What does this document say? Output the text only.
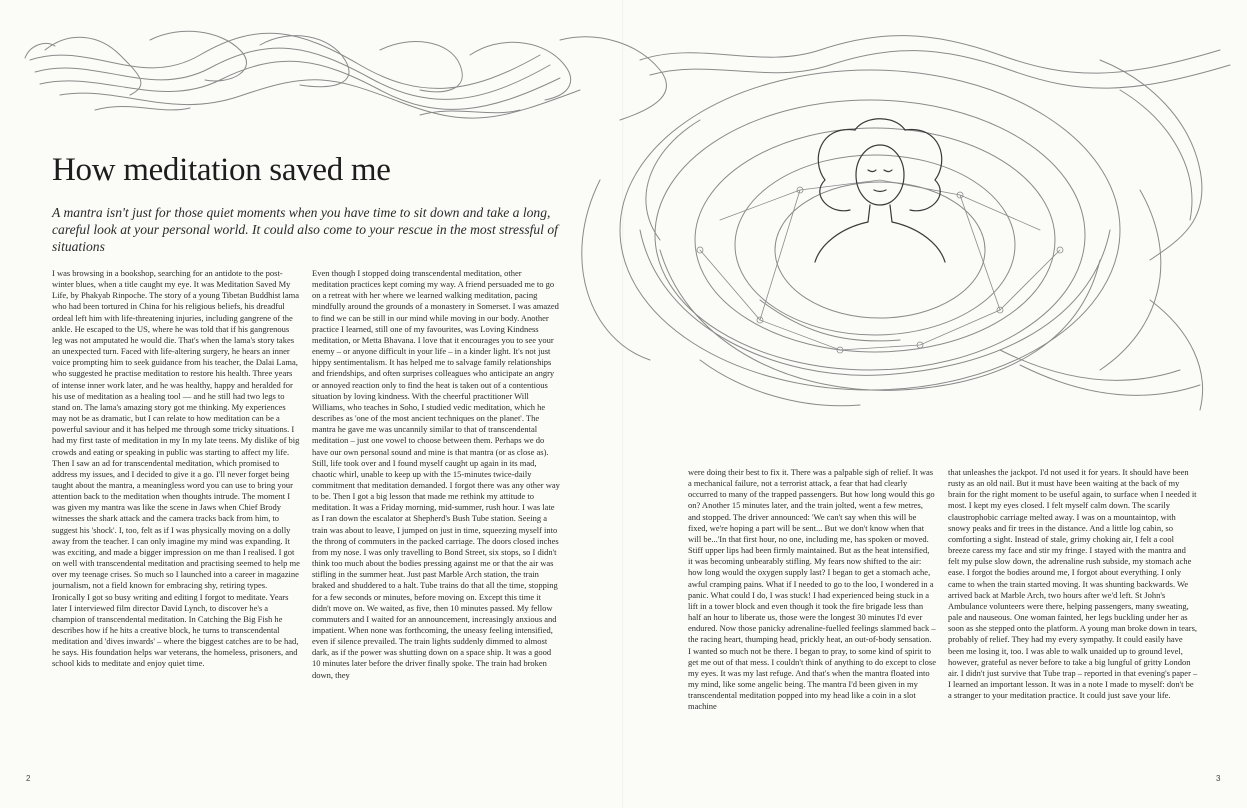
How meditation saved me

A mantra isn't just for those quiet moments when you have time to sit down and take a long, careful look at your personal world. It could also come to your rescue in the most stressful of situations

I was browsing in a bookshop, searching for an antidote to the post-winter blues, when a title caught my eye. It was Meditation Saved My Life, by Phakyab Rinpoche. The story of a young Tibetan Buddhist lama who had been tortured in China for his religious beliefs, his dreadful ordeal left him with life-threatening injuries, including gangrene of the ankle. He escaped to the US, where he was told that if his gangrenous leg was not amputated he would die. That's when the lama's story takes an unexpected turn. Faced with life-altering surgery, he hears an inner voice prompting him to seek guidance from his teacher, the Dalai Lama, who suggested he practise meditation to restore his health. Three years of intense inner work later, and he was healthy, happy and heralded for his use of meditation as a healing tool — and he still had two legs to stand on. The lama's amazing story got me thinking. My experiences may not be as dramatic, but I can relate to how meditation can be a powerful saviour and it has helped me through some tricky situations. I had my first taste of meditation in my In my late teens. My dislike of big crowds and eating or speaking in public was starting to affect my life. Then I saw an ad for transcendental meditation, which promised to address my issues, and I decided to give it a go. I'll never forget being taught about the mantra, a meaningless word you can use to bring your attention back to the meditation when thoughts intrude. The moment I was given my mantra was like the scene in Jaws when Chief Brody witnesses the shark attack and the camera tracks back from him, to suggest his 'shock'. I, too, felt as if I was physically moving on a dolly away from the teacher. I can only imagine my mind was expanding. It was exciting, and made a bigger impression on me than I realised. I got on well with transcendental meditation and practising seemed to help me over my teenage crises. So much so I launched into a career in magazine journalism, not a field known for embracing shy, retiring types. Ironically I got so busy writing and editing I forgot to meditate. Years later I interviewed film director David Lynch, to discover he's a champion of transcendental meditation. In Catching the Big Fish he describes how if he hits a creative block, he turns to transcendental meditation and 'dives inwards' – where the biggest catches are to be had, he says. His foundation helps war veterans, the homeless, prisoners, and school kids to meditate and enjoy quiet time.

Even though I stopped doing transcendental meditation, other meditation practices kept coming my way. A friend persuaded me to go on a retreat with her where we learned walking meditation, pacing mindfully around the grounds of a monastery in Somerset. I was amazed to find we can be still in our mind while moving in our body. Another practice I learned, still one of my favourites, was Loving Kindness meditation, or Metta Bhavana. I love that it encourages you to see your enemy – or anyone difficult in your life – in a kinder light. It's not just hippy sentimentalism. It has helped me to salvage family relationships and friendships, and often surprises colleagues who anticipate an angry or annoyed reaction only to find the heat is taken out of a contentious situation by loving kindness. With the cheerful practitioner Will Williams, who teaches in Soho, I studied vedic meditation, which he describes as 'one of the most ancient techniques on the planet'. The mantra he gave me was uncannily similar to that of transcendental meditation – just one vowel to choose between them. Perhaps we do have our own personal sound and mine is that mantra (or as close as). Still, life took over and I found myself caught up again in its mad, chaotic whirl, unable to keep up with the 15-minutes twice-daily commitment that meditation demanded. I forgot there was any other way to be. Then I got a big lesson that made me rethink my attitude to meditation. It was a Friday morning, mid-summer, rush hour. I was late as I ran down the escalator at Shepherd's Bush Tube station. Seeing a train was about to leave, I jumped on just in time, squeezing myself into the throng of commuters in the packed carriage. The doors closed inches from my nose. I was only travelling to Bond Street, six stops, so I didn't think too much about the bodies pressing against me or that the air was stifling in the summer heat. Just past Marble Arch station, the train braked and shuddered to a halt. Tube trains do that all the time, stopping for a few seconds or minutes, before moving on. Except this time it didn't move on. We waited, as five, then 10 minutes passed. My fellow commuters and I waited for an announcement, increasingly anxious and impatient. When none was forthcoming, the uneasy feeling intensified, even if silence prevailed. The train lights suddenly dimmed to almost dark, as if the power was shutting down on a space ship. It was a good 10 minutes later before the driver finally spoke. The train had broken down, they

were doing their best to fix it. There was a palpable sigh of relief. It was a mechanical failure, not a terrorist attack, a fear that had clearly occurred to many of the trapped passengers. But how long would this go on? Another 15 minutes later, and the train jolted, went a few metres, and stopped. The driver announced: 'We can't say when this will be fixed, we're hoping a part will be sent... But we don't know when that will be...'In that first hour, no one, including me, has spoken or moved. Stiff upper lips had been firmly maintained. But as the heat intensified, it was becoming unbearably stifling. My fears now shifted to the air: how long would the oxygen supply last? I began to get a stomach ache, awful cramping pains. What if I needed to go to the loo, I wondered in a panic. What could I do, I was stuck! I had experienced being stuck in a lift in a tower block and even though it took the fire brigade less than half an hour to liberate us, those were the longest 30 minutes I'd ever endured. Now those panicky adrenaline-fuelled feelings slammed back – the racing heart, thumping head, prickly heat, an out-of-body sensation. I wanted so much not be there. I began to pray, to some kind of spirit to get me out of that mess. I couldn't think of anything to do except to close my eyes. It was my last refuge. And that's when the mantra floated into my mind, like some angelic being. The mantra I'd been given in my transcendental meditation popped into my head like a coin in a slot machine

that unleashes the jackpot. I'd not used it for years. It should have been rusty as an old nail. But it must have been waiting at the back of my brain for the right moment to be useful again, to surface when I needed it most. I kept my eyes closed. I felt myself calm down. The scarily claustrophobic carriage melted away. I was on a mountaintop, with snowy peaks and fir trees in the distance. And a little log cabin, so comforting a sight. Instead of stale, grimy choking air, I felt a cool breeze caress my face and stir my fringe. I stayed with the mantra and felt my pulse slow down, the adrenaline rush subside, my stomach ache ease. I forgot the bodies around me, I forgot about everything. I only came to when the train started moving. It was shunting backwards. We arrived back at Marble Arch, two hours after we'd left. St John's Ambulance volunteers were there, helping passengers, many sweating, pale and nauseous. One woman fainted, her legs buckling under her as soon as she stepped onto the platform. A young man broke down in tears, probably of relief. They had my every sympathy. It could easily have been me losing it, too. I was able to walk unaided up to ground level, however, grateful as never before to take a big lungful of gritty London air. I didn't just survive that Tube trap – reported in that evening's paper – I learned an important lesson. It was in a note I made to myself: don't be a stranger to your meditation practice. It could just save your life.

2	3
